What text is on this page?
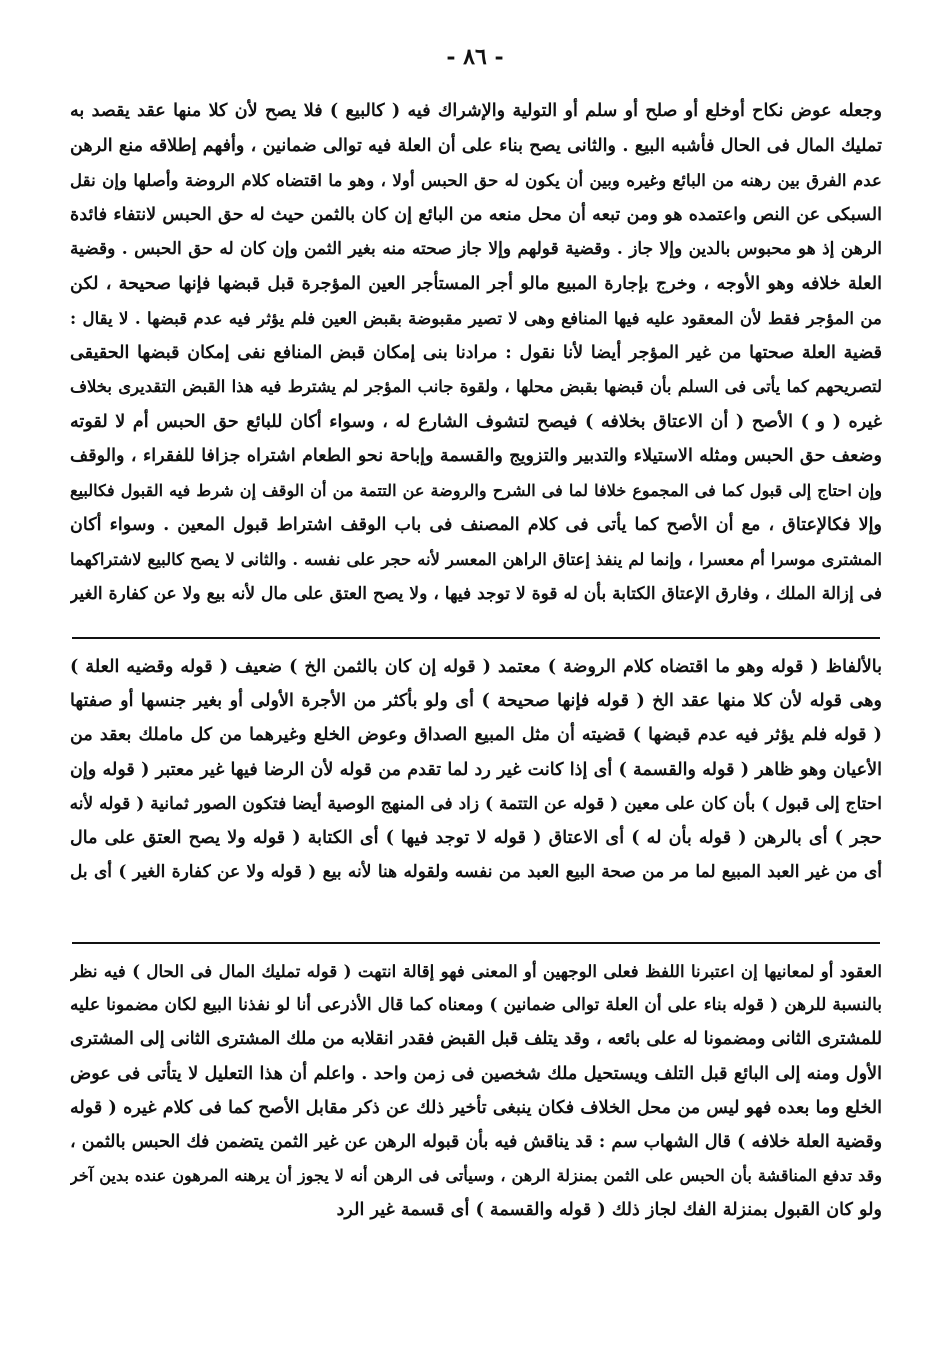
- ٨٦ -
وجعله عوض نكاح أوخلع أو صلح أو سلم أو التولية والإشراك فيه ( كالبيع ) فلا يصح لأن كلا منها عقد يقصد به
تمليك المال فى الحال فأشبه البيع . والثانى يصح بناء على أن العلة فيه توالى ضمانين ، وأفهم إطلاقه منع الرهن
عدم الفرق بين رهنه من البائع وغيره وبين أن يكون له حق الحبس أولا ، وهو ما اقتضاه كلام الروضة وأصلها وإن نقل
السبكى عن النص واعتمده هو ومن تبعه أن محل منعه من البائع إن كان بالثمن حيث له حق الحبس لانتفاء فائدة
الرهن إذ هو محبوس بالدين وإلا جاز . وقضية قولهم وإلا جاز صحته منه بغير الثمن وإن كان له حق الحبس . وقضية
العلة خلافه وهو الأوجه ، وخرج بإجارة المبيع مالو أجر المستأجر العين المؤجرة قبل قبضها فإنها صحيحة ، لكن
من المؤجر فقط لأن المعقود عليه فيها المنافع وهى لا تصير مقبوضة بقبض العين فلم يؤثر فيه عدم قبضها . لا يقال :
قضية العلة صحتها من غير المؤجر أيضا لأنا نقول : مرادنا بنى إمكان قبض المنافع نفى إمكان قبضها الحقيقى
لتصريحهم كما يأتى فى السلم بأن قبضها بقبض محلها ، ولقوة جانب المؤجر لم يشترط فيه هذا القبض التقديرى بخلاف
غيره ( و ) الأصح ( أن الاعتاق بخلافه ) فيصح لتشوف الشارع له ، وسواء أكان للبائع حق الحبس أم لا لقوته
وضعف حق الحبس ومثله الاستيلاء والتدبير والتزويج والقسمة وإباحة نحو الطعام اشتراه جزافا للفقراء ، والوقف
وإن احتاج إلى قبول كما فى المجموع خلافا لما فى الشرح والروضة عن التتمة من أن الوقف إن شرط فيه القبول فكالبيع
وإلا فكالإعتاق ، مع أن الأصح كما يأتى فى كلام المصنف فى باب الوقف اشتراط قبول المعين . وسواء أكان
المشترى موسرا أم معسرا ، وإنما لم ينفذ إعتاق الراهن المعسر لأنه حجر على نفسه . والثانى لا يصح كالبيع لاشتراكهما
فى إزالة الملك ، وفارق الإعتاق الكتابة بأن له قوة لا توجد فيها ، ولا يصح العتق على مال لأنه بيع ولا عن كفارة الغير
بالألفاظ ( قوله وهو ما اقتضاه كلام الروضة ) معتمد ( قوله إن كان بالثمن الخ ) ضعيف ( قوله وقضيه العلة )
وهى قوله لأن كلا منها عقد الخ ( قوله فإنها صحيحة ) أى ولو بأكثر من الأجرة الأولى أو بغير جنسها أو صفتها
( قوله فلم يؤثر فيه عدم قبضها ) قضيته أن مثل المبيع الصداق وعوض الخلع وغيرهما من كل ماملك بعقد من
الأعيان وهو ظاهر ( قوله والقسمة ) أى إذا كانت غير رد لما تقدم من قوله لأن الرضا فيها غير معتبر ( قوله وإن
احتاج إلى قبول ) بأن كان على معين ( قوله عن التتمة ) زاد فى المنهج الوصية أيضا فتكون الصور ثمانية ( قوله لأنه
حجر ) أى بالرهن ( قوله بأن له ) أى الاعتاق ( قوله لا توجد فيها ) أى الكتابة ( قوله ولا يصح العتق على مال
أى من غير العبد المبيع لما مر من صحة البيع العبد من نفسه ولقوله هنا لأنه بيع ( قوله ولا عن كفارة الغير ) أى بل
العقود أو لمعانيها إن اعتبرنا اللفظ فعلى الوجهين أو المعنى فهو إقالة انتهت ( قوله تمليك المال فى الحال ) فيه نظر
بالنسبة للرهن ( قوله بناء على أن العلة توالى ضمانين ) ومعناه كما قال الأذرعى أنا لو نفذنا البيع لكان مضمونا عليه
للمشترى الثانى ومضمونا له على بائعه ، وقد يتلف قبل القبض فقدر انقلابه من ملك المشترى الثانى إلى المشترى
الأول ومنه إلى البائع قبل التلف ويستحيل ملك شخصين فى زمن واحد . واعلم أن هذا التعليل لا يتأتى فى عوض
الخلع وما بعده فهو ليس من محل الخلاف فكان ينبغى تأخير ذلك عن ذكر مقابل الأصح كما فى كلام غيره ( قوله
وقضية العلة خلافه ) قال الشهاب سم : قد يناقش فيه بأن قبوله الرهن عن غير الثمن يتضمن فك الحبس بالثمن ،
وقد تدفع المناقشة بأن الحبس على الثمن بمنزلة الرهن ، وسيأتى فى الرهن أنه لا يجوز أن يرهنه المرهون عنده بدين آخر
ولو كان القبول بمنزلة الفك لجاز ذلك ( قوله والقسمة ) أى قسمة غير الرد
